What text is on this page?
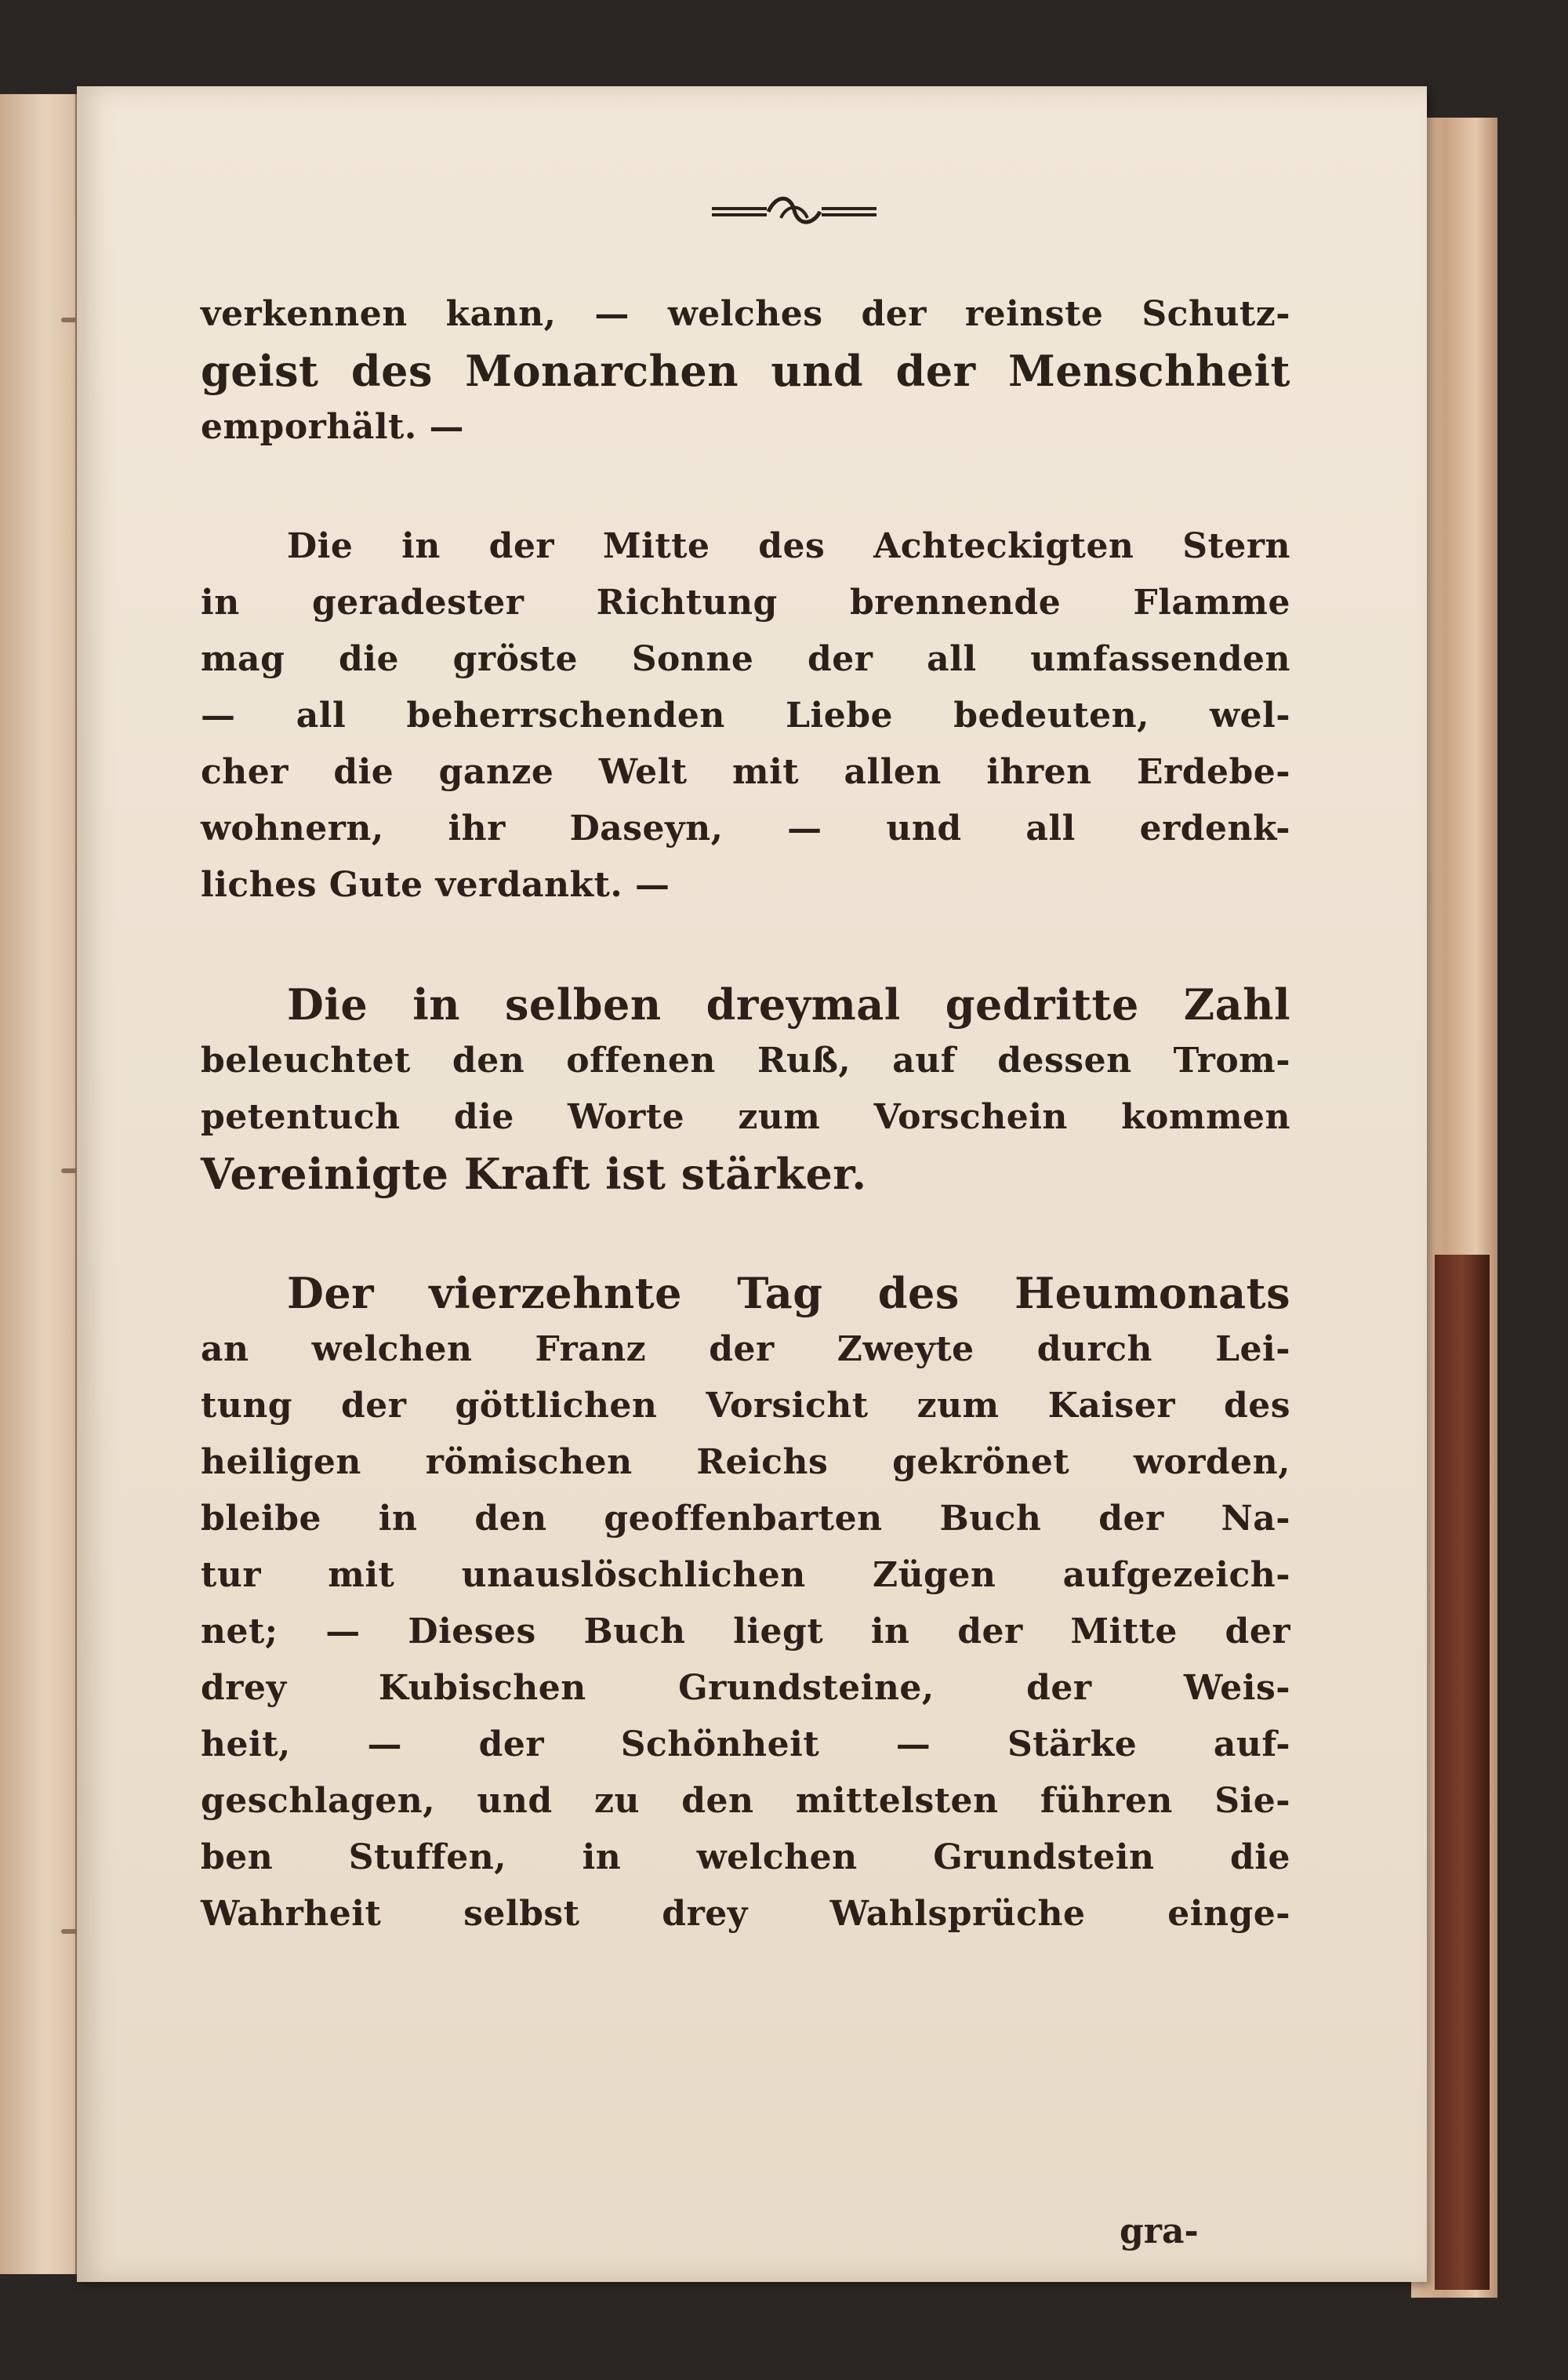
verkennen kann, — welches der reinste Schutz-
geist des Monarchen und der Menschheit
emporhält. —
Die in der Mitte des Achteckigten Stern
in geradester Richtung brennende Flamme
mag die gröste Sonne der all umfassenden
— all beherrschenden Liebe bedeuten, wel-
cher die ganze Welt mit allen ihren Erdebe-
wohnern, ihr Daseyn, — und all erdenk-
liches Gute verdankt. —
Die in selben dreymal gedritte Zahl
beleuchtet den offenen Ruß, auf dessen Trom-
petentuch die Worte zum Vorschein kommen
Vereinigte Kraft ist stärker.
Der vierzehnte Tag des Heumonats
an welchen Franz der Zweyte durch Lei-
tung der göttlichen Vorsicht zum Kaiser des
heiligen römischen Reichs gekrönet worden,
bleibe in den geoffenbarten Buch der Na-
tur mit unauslöschlichen Zügen aufgezeich-
net; — Dieses Buch liegt in der Mitte der
drey Kubischen Grundsteine, der Weis-
heit, — der Schönheit — Stärke auf-
geschlagen, und zu den mittelsten führen Sie-
ben Stuffen, in welchen Grundstein die
Wahrheit selbst drey Wahlsprüche einge-
gra-
